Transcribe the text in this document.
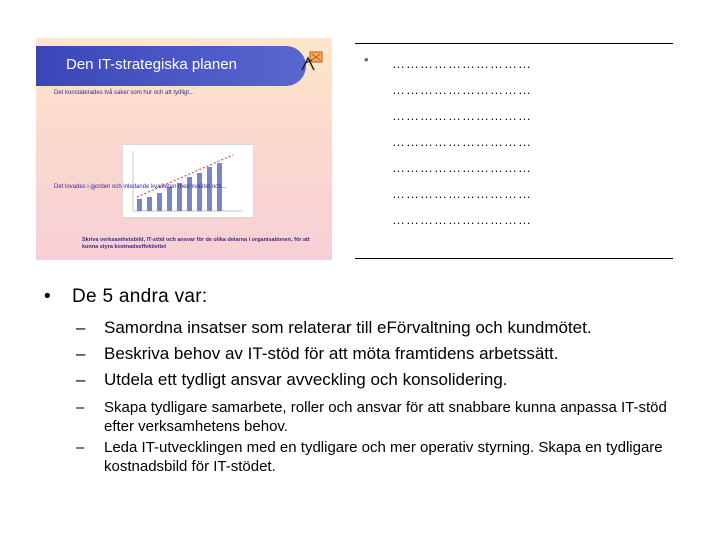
Den IT-strategiska planen
Det konstaterades två saker som hur och att tydligt...
Det lovades i gjorden och inledande kvaliteten med kvalitet och...
Skriva verksamhetsbild, IT-stöd och ansvar för de olika delarna i organisationen, för att kunna styra kostnadseffektivitet
• …………………………
…………………………
…………………………
…………………………
…………………………
…………………………
…………………………
• De 5 andra var:
– Samordna insatser som relaterar till eFörvaltning och kundmötet.
– Beskriva behov av IT-stöd för att möta framtidens arbetssätt.
– Utdela ett tydligt ansvar avveckling och konsolidering.
– Skapa tydligare samarbete, roller och ansvar för att snabbare kunna anpassa IT-stöd efter verksamhetens behov.
– Leda IT-utvecklingen med en tydligare och mer operativ styrning. Skapa en tydligare kostnadsbild för IT-stödet.
